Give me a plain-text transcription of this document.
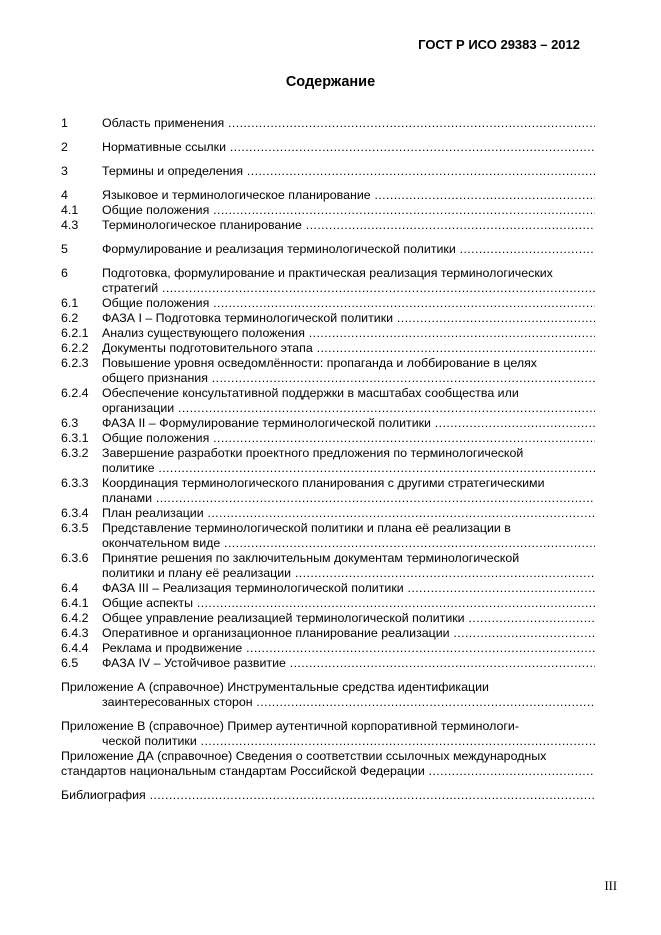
ГОСТ Р ИСО 29383 – 2012
Содержание
1	Область применения .....
2	Нормативные ссылки .....
3	Термины и определения .....
4	Языковое и терминологическое планирование .....
4.1	Общие положения .....
4.3	Терминологическое планирование .....
5	Формулирование и реализация терминологической политики .....
6	Подготовка, формулирование и практическая реализация терминологических
стратегий .....
6.1	Общие положения .....
6.2	ФАЗА I – Подготовка терминологической политики .....
6.2.1	Анализ существующего положения .....
6.2.2	Документы подготовительного этапа .....
6.2.3	Повышение уровня осведомлённости: пропаганда и лоббирование в целях
общего признания .....
6.2.4	Обеспечение консультативной поддержки в масштабах сообщества или
организации .....
6.3	ФАЗА II – Формулирование терминологической политики .....
6.3.1	Общие положения .....
6.3.2	Завершение разработки проектного предложения по терминологической
политике .....
6.3.3	Координация терминологического планирования с другими стратегическими
планами .....
6.3.4	План реализации .....
6.3.5	Представление терминологической политики и плана её реализации в
окончательном виде .....
6.3.6	Принятие решения по заключительным документам терминологической
политики и плану её реализации .....
6.4	ФАЗА III – Реализация терминологической политики .....
6.4.1	Общие аспекты .....
6.4.2	Общее управление реализацией терминологической политики .....
6.4.3	Оперативное и организационное планирование реализации .....
6.4.4	Реклама и продвижение .....
6.5	ФАЗА IV – Устойчивое развитие .....
Приложение А (справочное) Инструментальные средства идентификации
заинтересованных сторон .....
Приложение В (справочное) Пример аутентичной корпоративной терминологи-
ческой политики .....
Приложение ДА (справочное) Сведения о соответствии ссылочных международных
стандартов национальным стандартам Российской Федерации .....
Библиография .....
III
